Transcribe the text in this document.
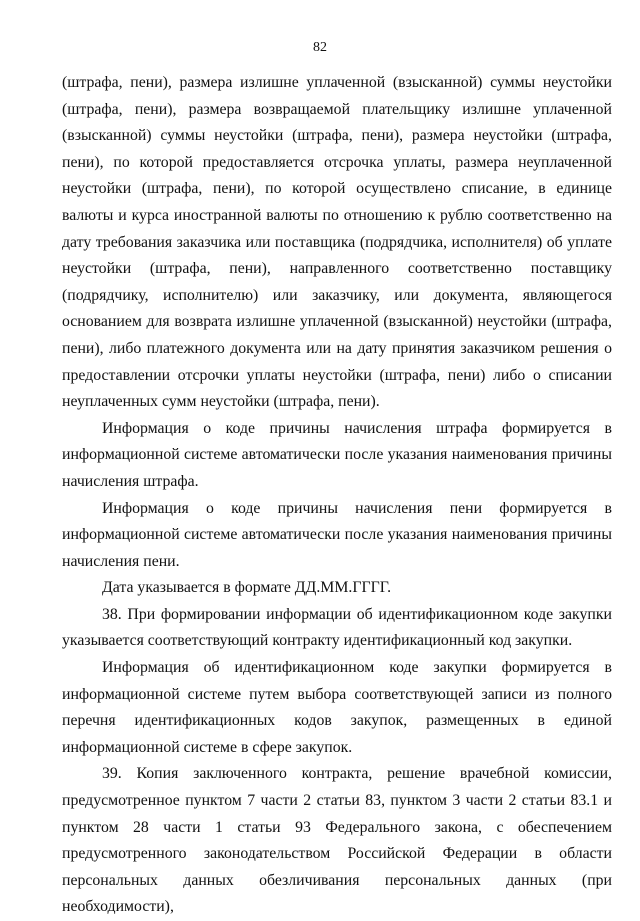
82

(штрафа, пени), размера излишне уплаченной (взысканной) суммы неустойки (штрафа, пени), размера возвращаемой плательщику излишне уплаченной (взысканной) суммы неустойки (штрафа, пени), размера неустойки (штрафа, пени), по которой предоставляется отсрочка уплаты, размера неуплаченной неустойки (штрафа, пени), по которой осуществлено списание, в единице валюты и курса иностранной валюты по отношению к рублю соответственно на дату требования заказчика или поставщика (подрядчика, исполнителя) об уплате неустойки (штрафа, пени), направленного соответственно поставщику (подрядчику, исполнителю) или заказчику, или документа, являющегося основанием для возврата излишне уплаченной (взысканной) неустойки (штрафа, пени), либо платежного документа или на дату принятия заказчиком решения о предоставлении отсрочки уплаты неустойки (штрафа, пени) либо о списании неуплаченных сумм неустойки (штрафа, пени).

Информация о коде причины начисления штрафа формируется в информационной системе автоматически после указания наименования причины начисления штрафа.

Информация о коде причины начисления пени формируется в информационной системе автоматически после указания наименования причины начисления пени.

Дата указывается в формате ДД.ММ.ГГГГ.

38. При формировании информации об идентификационном коде закупки указывается соответствующий контракту идентификационный код закупки.

Информация об идентификационном коде закупки формируется в информационной системе путем выбора соответствующей записи из полного перечня идентификационных кодов закупок, размещенных в единой информационной системе в сфере закупок.

39. Копия заключенного контракта, решение врачебной комиссии, предусмотренное пунктом 7 части 2 статьи 83, пунктом 3 части 2 статьи 83.1 и пунктом 28 части 1 статьи 93 Федерального закона, с обеспечением предусмотренного законодательством Российской Федерации в области персональных данных обезличивания персональных данных (при необходимости),
